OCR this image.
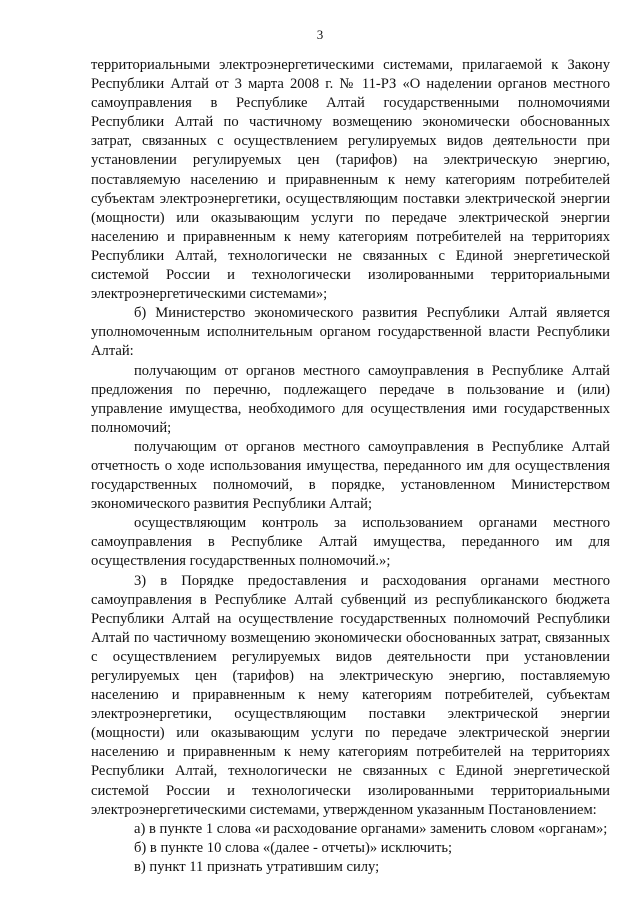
3

территориальными электроэнергетическими системами, прилагаемой к Закону Республики Алтай от 3 марта 2008 г. № 11-РЗ «О наделении органов местного самоуправления в Республике Алтай государственными полномочиями Республики Алтай по частичному возмещению экономически обоснованных затрат, связанных с осуществлением регулируемых видов деятельности при установлении регулируемых цен (тарифов) на электрическую энергию, поставляемую населению и приравненным к нему категориям потребителей субъектам электроэнергетики, осуществляющим поставки электрической энергии (мощности) или оказывающим услуги по передаче электрической энергии населению и приравненным к нему категориям потребителей на территориях Республики Алтай, технологически не связанных с Единой энергетической системой России и технологически изолированными территориальными электроэнергетическими системами»;

б) Министерство экономического развития Республики Алтай является уполномоченным исполнительным органом государственной власти Республики Алтай:

получающим от органов местного самоуправления в Республике Алтай предложения по перечню, подлежащего передаче в пользование и (или) управление имущества, необходимого для осуществления ими государственных полномочий;

получающим от органов местного самоуправления в Республике Алтай отчетность о ходе использования имущества, переданного им для осуществления государственных полномочий, в порядке, установленном Министерством экономического развития Республики Алтай;

осуществляющим контроль за использованием органами местного самоуправления в Республике Алтай имущества, переданного им для осуществления государственных полномочий.»;

3) в Порядке предоставления и расходования органами местного самоуправления в Республике Алтай субвенций из республиканского бюджета Республики Алтай на осуществление государственных полномочий Республики Алтай по частичному возмещению экономически обоснованных затрат, связанных с осуществлением регулируемых видов деятельности при установлении регулируемых цен (тарифов) на электрическую энергию, поставляемую населению и приравненным к нему категориям потребителей, субъектам электроэнергетики, осуществляющим поставки электрической энергии (мощности) или оказывающим услуги по передаче электрической энергии населению и приравненным к нему категориям потребителей на территориях Республики Алтай, технологически не связанных с Единой энергетической системой России и технологически изолированными территориальными электроэнергетическими системами, утвержденном указанным Постановлением:

а) в пункте 1 слова «и расходование органами» заменить словом «органам»;

б) в пункте 10 слова «(далее - отчеты)» исключить;

в) пункт 11 признать утратившим силу;
